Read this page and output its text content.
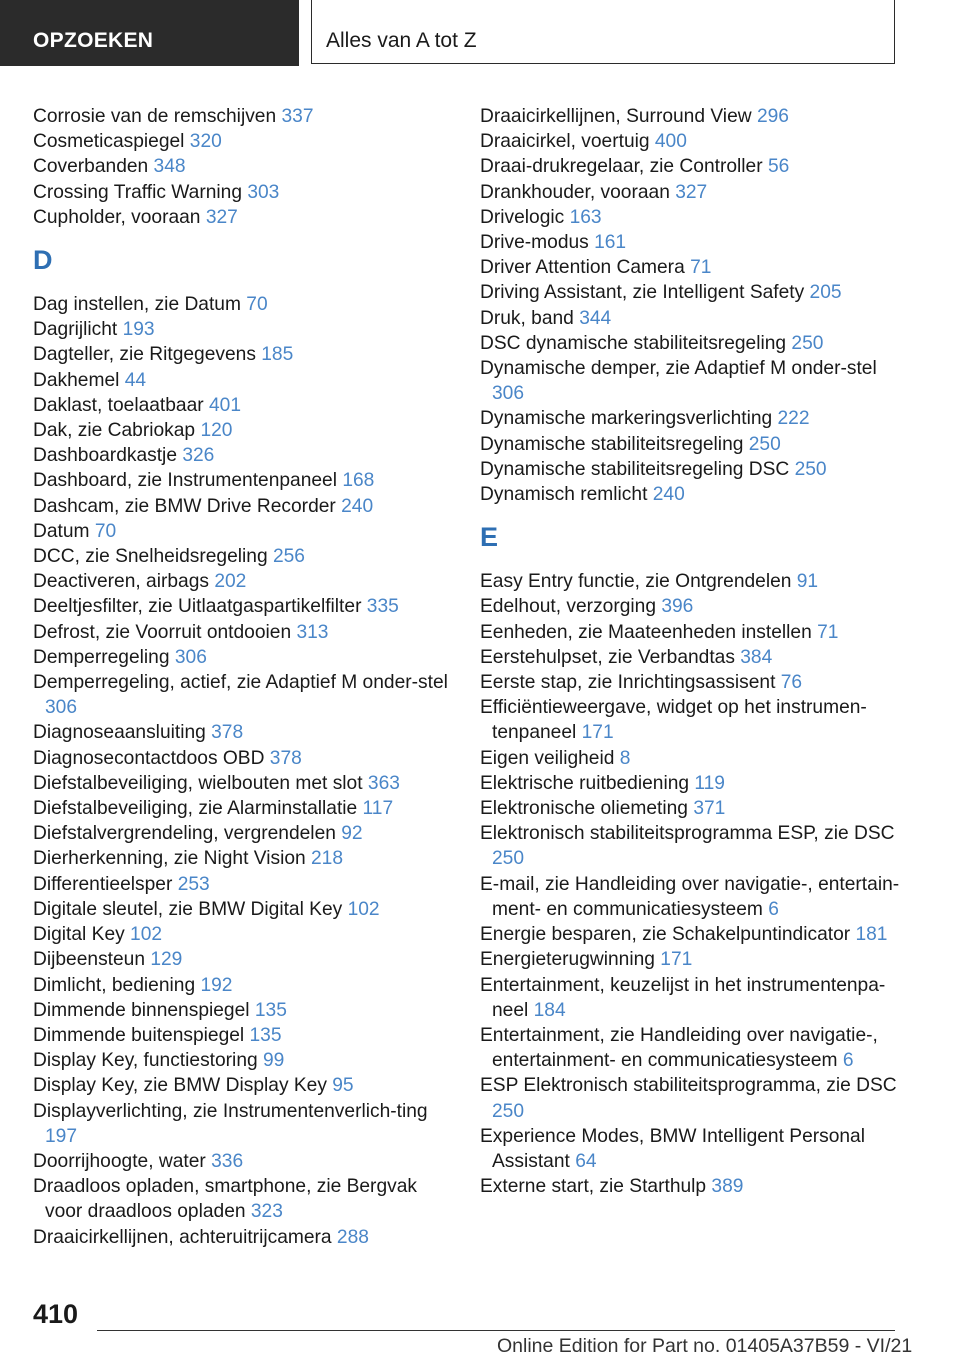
OPZOEKEN	Alles van A tot Z
Corrosie van de remschijven 337
Cosmeticaspiegel 320
Coverbanden 348
Crossing Traffic Warning 303
Cupholder, vooraan 327
D
Dag instellen, zie Datum 70
Dagrijlicht 193
Dagteller, zie Ritgegevens 185
Dakhemel 44
Daklast, toelaatbaar 401
Dak, zie Cabriokap 120
Dashboardkastje 326
Dashboard, zie Instrumentenpaneel 168
Dashcam, zie BMW Drive Recorder 240
Datum 70
DCC, zie Snelheidsregeling 256
Deactiveren, airbags 202
Deeltjesfilter, zie Uitlaatgaspartikelfilter 335
Defrost, zie Voorruit ontdooien 313
Demperregeling 306
Demperregeling, actief, zie Adaptief M onder-stel 306
Diagnoseaansluiting 378
Diagnosecontactdoos OBD 378
Diefstalbeveiliging, wielbouten met slot 363
Diefstalbeveiliging, zie Alarminstallatie 117
Diefstalvergrendeling, vergrendelen 92
Dierherkenning, zie Night Vision 218
Differentieelsper 253
Digitale sleutel, zie BMW Digital Key 102
Digital Key 102
Dijbeensteun 129
Dimlicht, bediening 192
Dimmende binnenspiegel 135
Dimmende buitenspiegel 135
Display Key, functiestoring 99
Display Key, zie BMW Display Key 95
Displayverlichting, zie Instrumentenverlich-ting 197
Doorrijhoogte, water 336
Draadloos opladen, smartphone, zie Bergvak voor draadloos opladen 323
Draaicirkellijnen, achteruitrijcamera 288
Draaicirkellijnen, Surround View 296
Draaicirkel, voertuig 400
Draai-drukregelaar, zie Controller 56
Drankhouder, vooraan 327
Drivelogic 163
Drive-modus 161
Driver Attention Camera 71
Driving Assistant, zie Intelligent Safety 205
Druk, band 344
DSC dynamische stabiliteitsregeling 250
Dynamische demper, zie Adaptief M onder-stel 306
Dynamische markeringsverlichting 222
Dynamische stabiliteitsregeling 250
Dynamische stabiliteitsregeling DSC 250
Dynamisch remlicht 240
E
Easy Entry functie, zie Ontgrendelen 91
Edelhout, verzorging 396
Eenheden, zie Maateenheden instellen 71
Eerstehulpset, zie Verbandtas 384
Eerste stap, zie Inrichtingsassisent 76
Efficiëntieweergave, widget op het instrumen-tenpaneel 171
Eigen veiligheid 8
Elektrische ruitbediening 119
Elektronische oliemeting 371
Elektronisch stabiliteitsprogramma ESP, zie DSC 250
E-mail, zie Handleiding over navigatie-, entertain-ment- en communicatiesysteem 6
Energie besparen, zie Schakelpuntindicator 181
Energieterugwinning 171
Entertainment, keuzelijst in het instrumentenpa-neel 184
Entertainment, zie Handleiding over navigatie-, entertainment- en communicatiesysteem 6
ESP Elektronisch stabiliteitsprogramma, zie DSC 250
Experience Modes, BMW Intelligent Personal Assistant 64
Externe start, zie Starthulp 389
410
Online Edition for Part no. 01405A37B59 - VI/21
